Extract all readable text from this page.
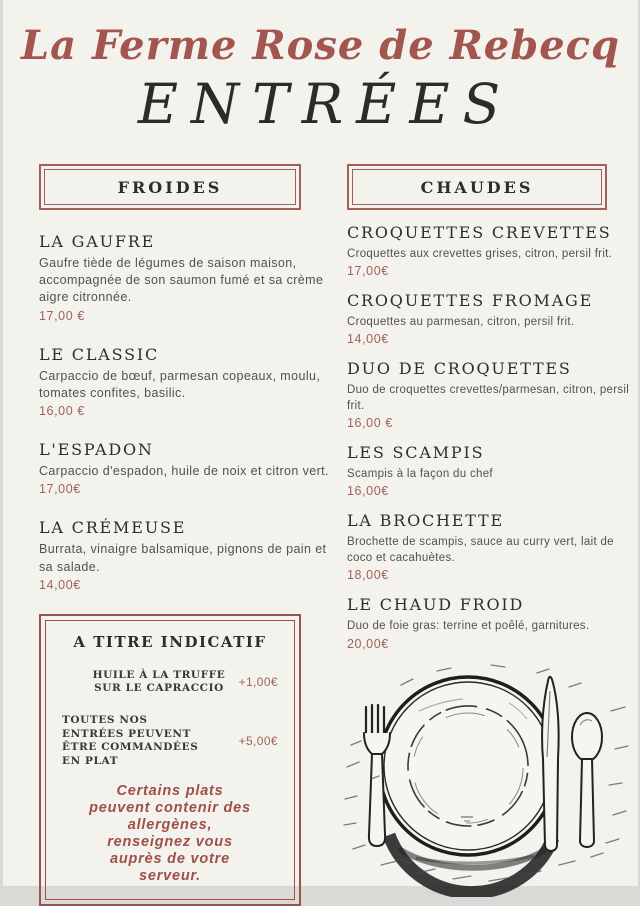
La Ferme Rose de Rebecq
ENTRÉES
FROIDES
LA GAUFRE
Gaufre tiède de légumes de saison maison, accompagnée de son saumon fumé et sa crème aigre citronnée.
17,00 €
LE CLASSIC
Carpaccio de bœuf, parmesan copeaux, moulu, tomates confites, basilic.
16,00 €
L'ESPADON
Carpaccio d'espadon, huile de noix et citron vert.
17,00€
LA CRÉMEUSE
Burrata, vinaigre balsamique, pignons de pain et sa salade.
14,00€
A TITRE INDICATIF
HUILE À LA TRUFFE SUR LE CAPRACCIO	+1,00€
TOUTES NOS ENTRÉES PEUVENT ÊTRE COMMANDÉES EN PLAT
+5,00€
Certains plats
peuvent contenir des
allergènes,
renseignez vous
auprès de votre
serveur.
CHAUDES
CROQUETTES CREVETTES
Croquettes aux crevettes grises, citron, persil frit.
17,00€
CROQUETTES FROMAGE
Croquettes au parmesan, citron, persil frit.
14,00€
DUO DE CROQUETTES
Duo de croquettes crevettes/parmesan, citron, persil frit.
16,00 €
LES SCAMPIS
Scampis à la façon du chef
16,00€
LA BROCHETTE
Brochette de scampis, sauce au curry vert, lait de coco et cacahuètes.
18,00€
LE CHAUD FROID
Duo de foie gras: terrine et poêlé, garnitures.
20,00€
